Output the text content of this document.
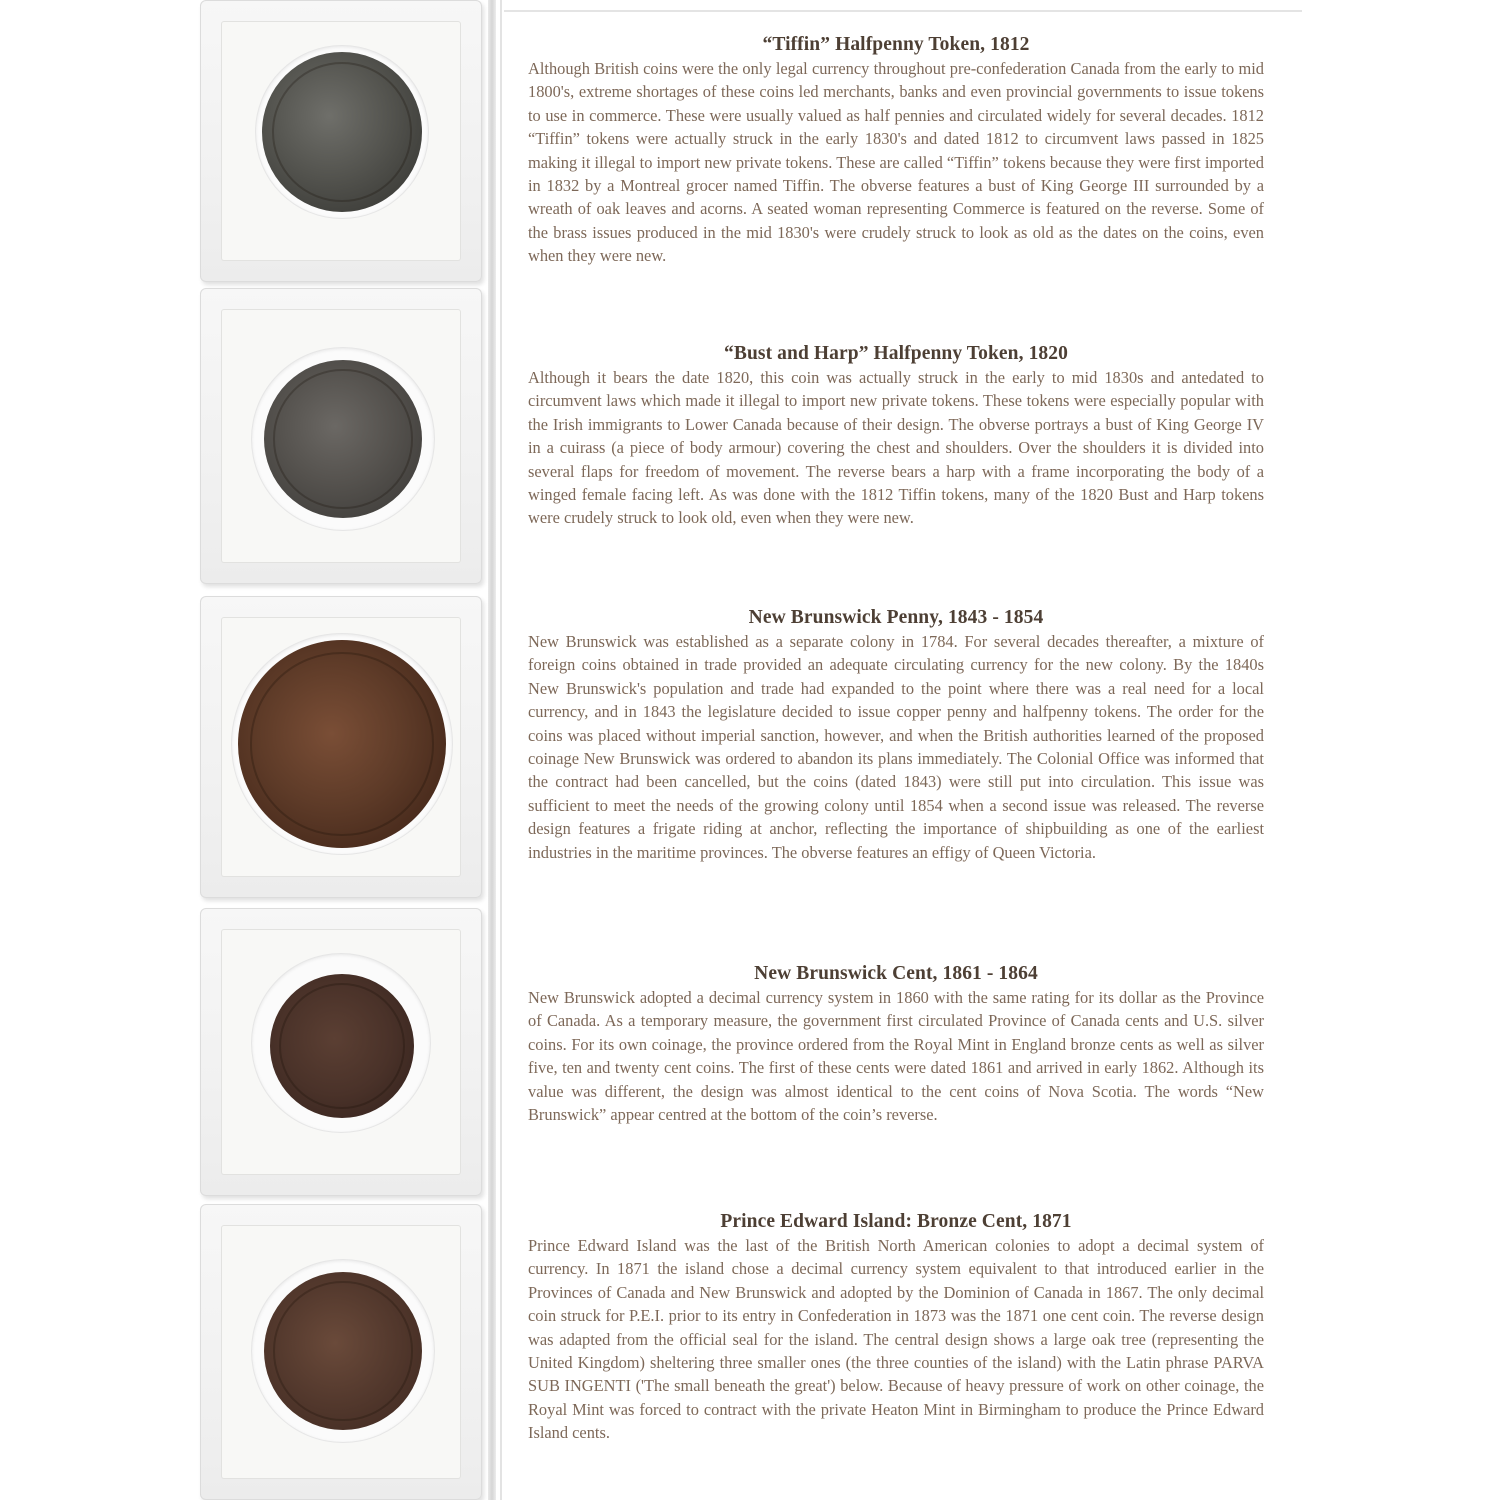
“Tiffin” Halfpenny Token, 1812

Although British coins were the only legal currency throughout pre-confederation Canada from the early to mid 1800's, extreme shortages of these coins led merchants, banks and even provincial governments to issue tokens to use in commerce. These were usually valued as half pennies and circulated widely for several decades. 1812 “Tiffin” tokens were actually struck in the early 1830's and dated 1812 to circumvent laws passed in 1825 making it illegal to import new private tokens. These are called “Tiffin” tokens because they were first imported in 1832 by a Montreal grocer named Tiffin. The obverse features a bust of King George III surrounded by a wreath of oak leaves and acorns. A seated woman representing Commerce is featured on the reverse. Some of the brass issues produced in the mid 1830's were crudely struck to look as old as the dates on the coins, even when they were new.

“Bust and Harp” Halfpenny Token, 1820

Although it bears the date 1820, this coin was actually struck in the early to mid 1830s and antedated to circumvent laws which made it illegal to import new private tokens. These tokens were especially popular with the Irish immigrants to Lower Canada because of their design. The obverse portrays a bust of King George IV in a cuirass (a piece of body armour) covering the chest and shoulders. Over the shoulders it is divided into several flaps for freedom of movement. The reverse bears a harp with a frame incorporating the body of a winged female facing left. As was done with the 1812 Tiffin tokens, many of the 1820 Bust and Harp tokens were crudely struck to look old, even when they were new.

New Brunswick Penny, 1843 - 1854

New Brunswick was established as a separate colony in 1784. For several decades thereafter, a mixture of foreign coins obtained in trade provided an adequate circulating currency for the new colony. By the 1840s New Brunswick's population and trade had expanded to the point where there was a real need for a local currency, and in 1843 the legislature decided to issue copper penny and halfpenny tokens. The order for the coins was placed without imperial sanction, however, and when the British authorities learned of the proposed coinage New Brunswick was ordered to abandon its plans immediately. The Colonial Office was informed that the contract had been cancelled, but the coins (dated 1843) were still put into circulation. This issue was sufficient to meet the needs of the growing colony until 1854 when a second issue was released. The reverse design features a frigate riding at anchor, reflecting the importance of shipbuilding as one of the earliest industries in the maritime provinces. The obverse features an effigy of Queen Victoria.

New Brunswick Cent, 1861 - 1864

New Brunswick adopted a decimal currency system in 1860 with the same rating for its dollar as the Province of Canada. As a temporary measure, the government first circulated Province of Canada cents and U.S. silver coins. For its own coinage, the province ordered from the Royal Mint in England bronze cents as well as silver five, ten and twenty cent coins. The first of these cents were dated 1861 and arrived in early 1862. Although its value was different, the design was almost identical to the cent coins of Nova Scotia. The words “New Brunswick” appear centred at the bottom of the coin’s reverse.

Prince Edward Island: Bronze Cent, 1871

Prince Edward Island was the last of the British North American colonies to adopt a decimal system of currency. In 1871 the island chose a decimal currency system equivalent to that introduced earlier in the Provinces of Canada and New Brunswick and adopted by the Dominion of Canada in 1867. The only decimal coin struck for P.E.I. prior to its entry in Confederation in 1873 was the 1871 one cent coin. The reverse design was adapted from the official seal for the island. The central design shows a large oak tree (representing the United Kingdom) sheltering three smaller ones (the three counties of the island) with the Latin phrase PARVA SUB INGENTI ('The small beneath the great') below. Because of heavy pressure of work on other coinage, the Royal Mint was forced to contract with the private Heaton Mint in Birmingham to produce the Prince Edward Island cents.
